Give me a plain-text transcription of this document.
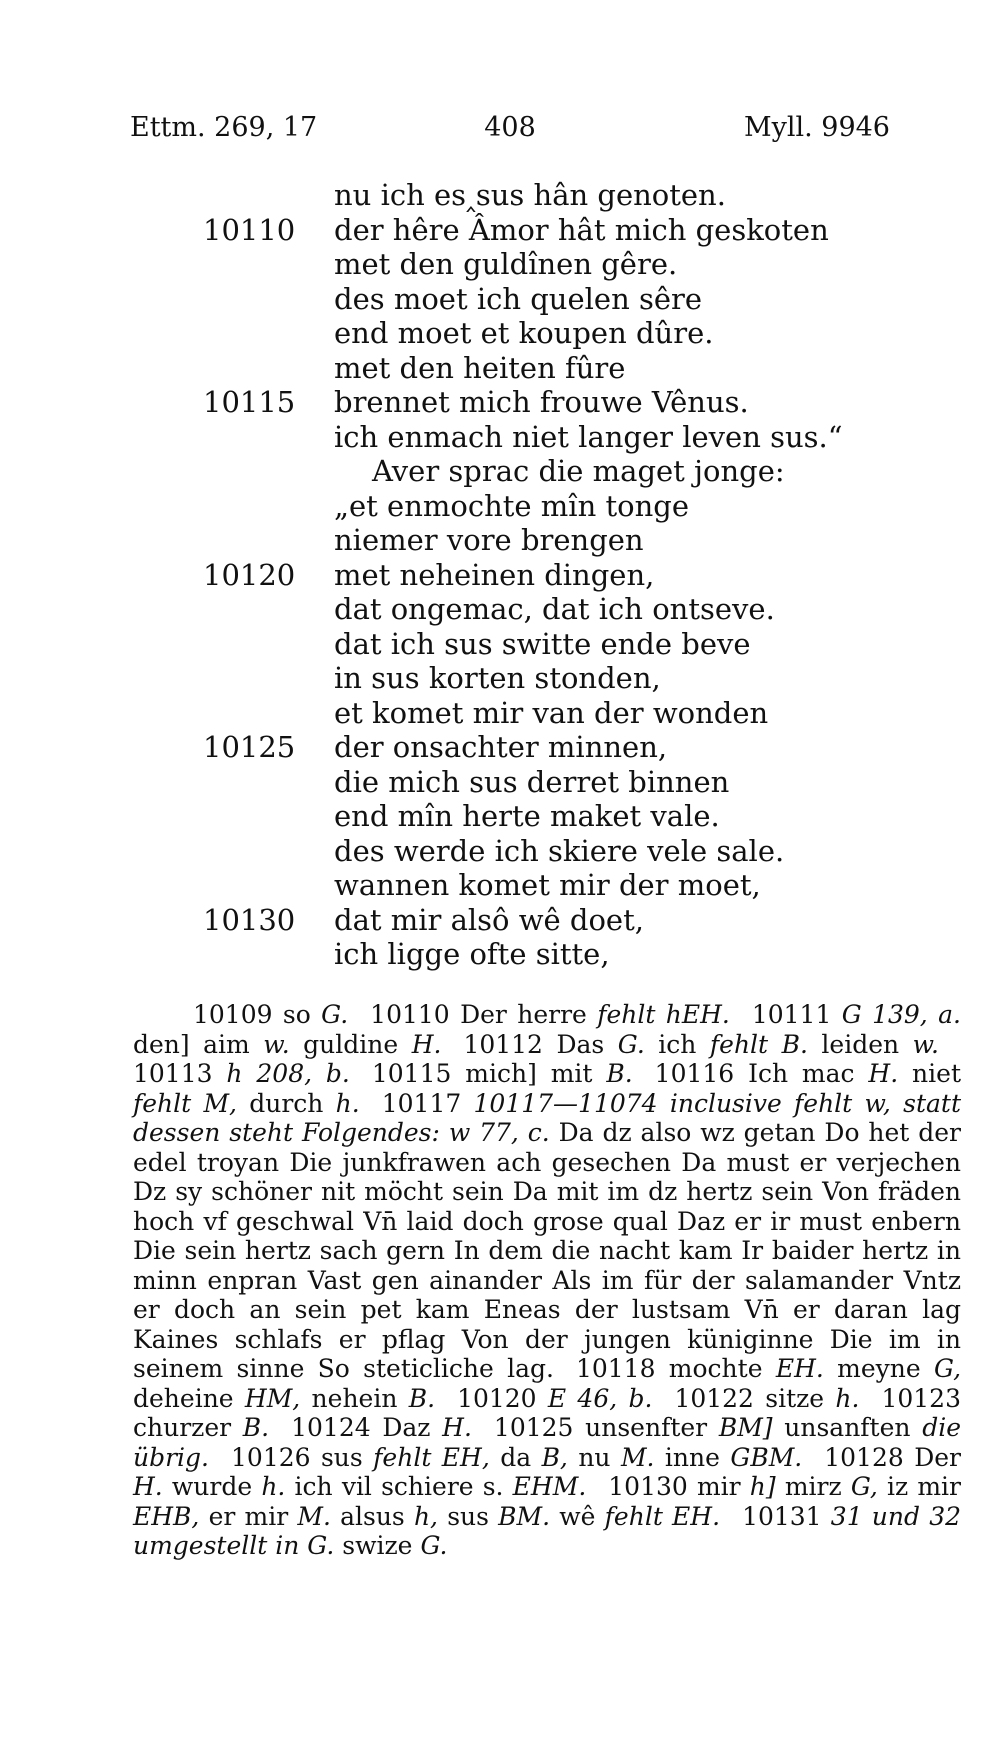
Ettm. 269, 17	408	Myll. 9946
nu ich es‸sus hân genoten.
10110 der hêre Âmor hât mich geskoten
met den guldînen gêre.
des moet ich quelen sêre
end moet et koupen dûre.
met den heiten fûre
10115 brennet mich frouwe Vênus.
ich enmach niet langer leven sus.“
Aver sprac die maget jonge:
„et enmochte mîn tonge
niemer vore brengen
10120 met neheinen dingen,
dat ongemac, dat ich ontseve.
dat ich sus switte ende beve
in sus korten stonden,
et komet mir van der wonden
10125 der onsachter minnen,
die mich sus derret binnen
end mîn herte maket vale.
des werde ich skiere vele sale.
wannen komet mir der moet,
10130 dat mir alsô wê doet,
ich ligge ofte sitte,

10109 so G. 10110 Der herre fehlt hEH. 10111 G 139, a. den] aim w. guldine H. 10112 Das G. ich fehlt B. leiden w.10113 h 208, b. 10115 mich] mit B. 10116 Ich mac H. niet fehlt M, durch h. 10117 10117—11074 inclusive fehlt w, statt dessen steht Folgendes: w 77, c. Da dz also wz getan Do het der edel troyan Die junkfrawen ach gesechen Da must er verjechen Dz sy schöner nit möcht sein Da mit im dz hertz sein Von fräden hoch vf geschwal Vn̄ laid doch grose qual Daz er ir must enbern Die sein hertz sach gern In dem die nacht kam Ir baider hertz in minn enpran Vast gen ainander Als im für der salamander Vntz er doch an sein pet kam Eneas der lustsam Vn̄ er daran lag Kaines schlafs er pflag Von der jungen küniginne Die im in seinem sinne So steticliche lag. 10118 mochte EH. meyne G, deheine HM, nehein B. 10120 E 46, b. 10122 sitze h. 10123 churzer B. 10124 Daz H. 10125 unsenfter BM] unsanften die übrig. 10126 sus fehlt EH, da B, nu M. inne GBM. 10128 Der H. wurde h. ich vil schiere s. EHM. 10130 mir h] mirz G, iz mir EHB, er mir M. alsus h, sus BM. wê fehlt EH. 10131 31 und 32 umgestellt in G. swize G.
